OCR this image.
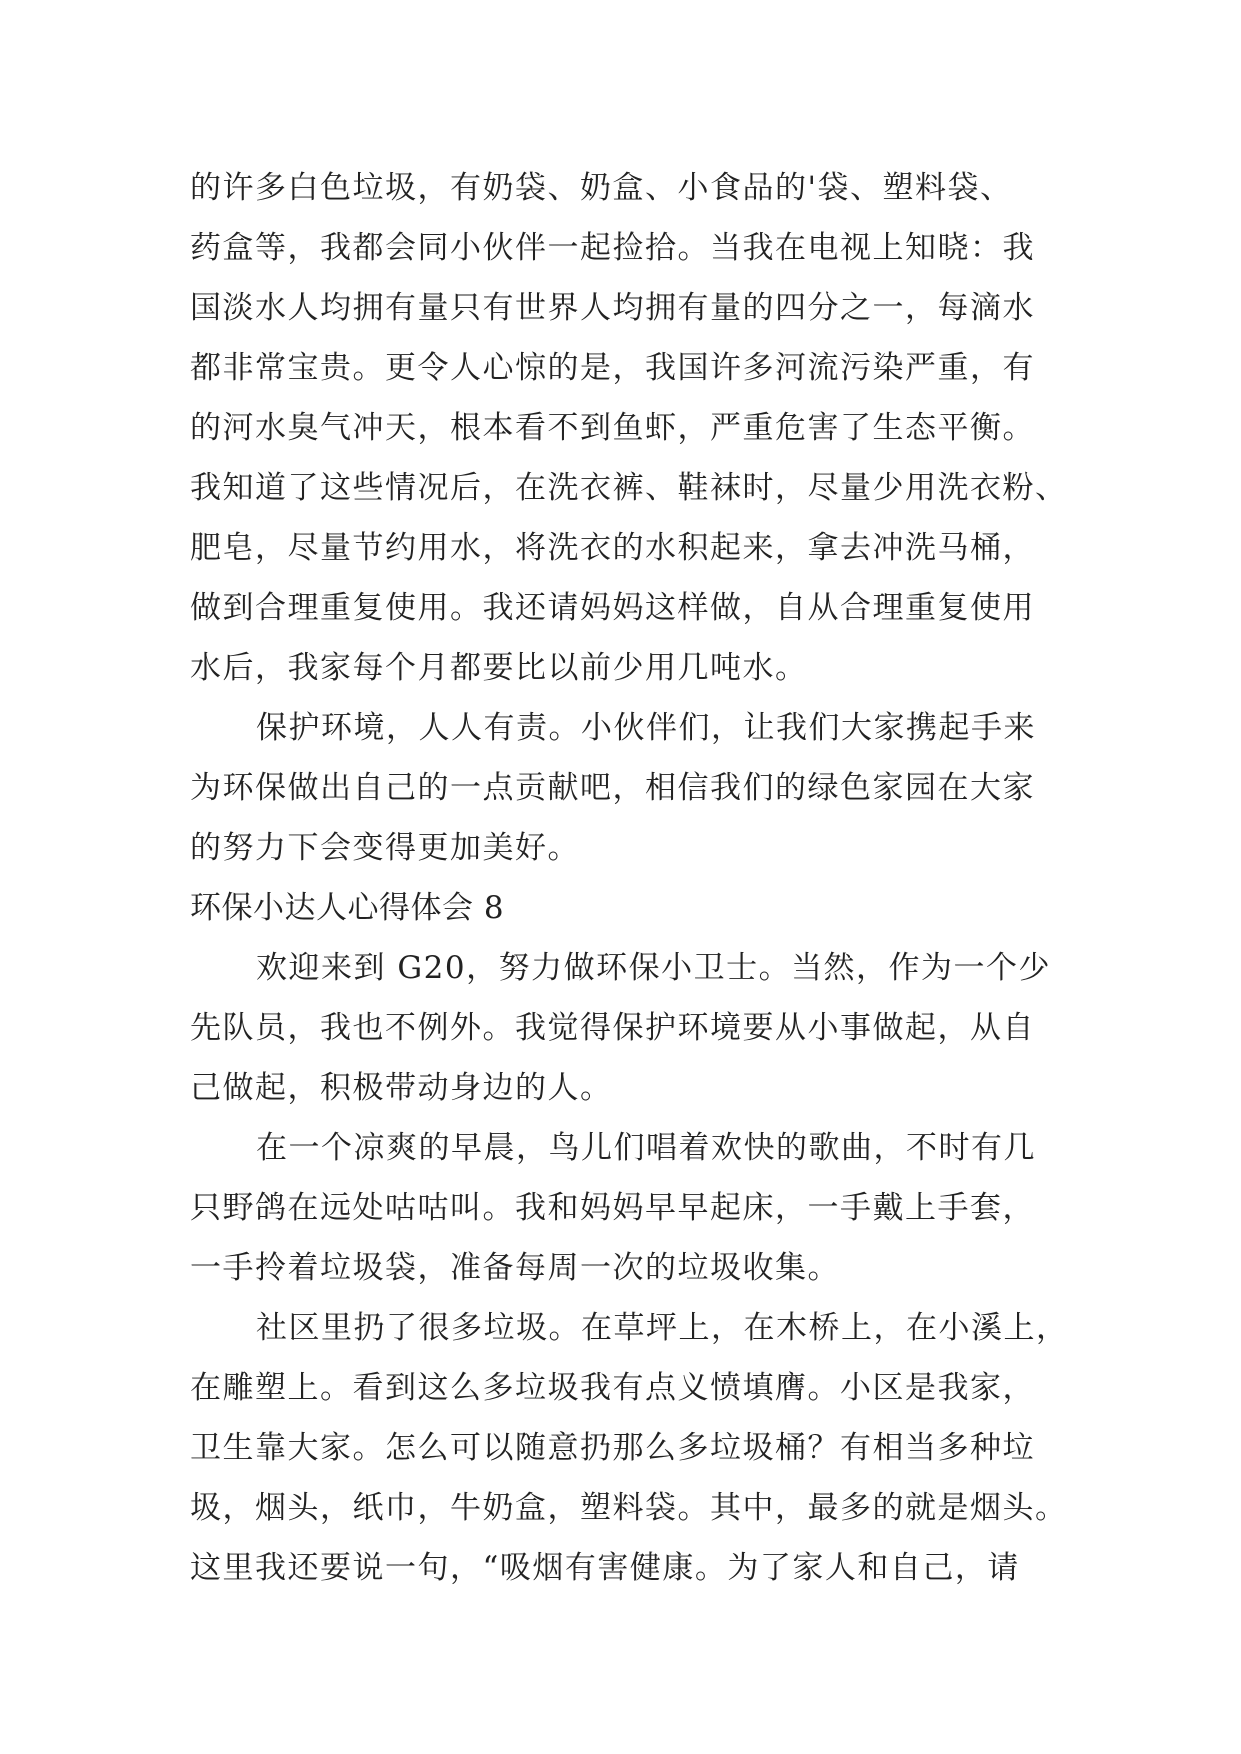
的许多白色垃圾，有奶袋、奶盒、小食品的'袋、塑料袋、
药盒等，我都会同小伙伴一起捡拾。当我在电视上知晓：我
国淡水人均拥有量只有世界人均拥有量的四分之一，每滴水
都非常宝贵。更令人心惊的是，我国许多河流污染严重，有
的河水臭气冲天，根本看不到鱼虾，严重危害了生态平衡。
我知道了这些情况后，在洗衣裤、鞋袜时，尽量少用洗衣粉、
肥皂，尽量节约用水，将洗衣的水积起来，拿去冲洗马桶，
做到合理重复使用。我还请妈妈这样做，自从合理重复使用
水后，我家每个月都要比以前少用几吨水。
保护环境，人人有责。小伙伴们，让我们大家携起手来
为环保做出自己的一点贡献吧，相信我们的绿色家园在大家
的努力下会变得更加美好。
环保小达人心得体会 8
欢迎来到 G20，努力做环保小卫士。当然，作为一个少
先队员，我也不例外。我觉得保护环境要从小事做起，从自
己做起，积极带动身边的人。
在一个凉爽的早晨，鸟儿们唱着欢快的歌曲，不时有几
只野鸽在远处咕咕叫。我和妈妈早早起床，一手戴上手套，
一手拎着垃圾袋，准备每周一次的垃圾收集。
社区里扔了很多垃圾。在草坪上，在木桥上，在小溪上，
在雕塑上。看到这么多垃圾我有点义愤填膺。小区是我家，
卫生靠大家。怎么可以随意扔那么多垃圾桶？有相当多种垃
圾，烟头，纸巾，牛奶盒，塑料袋。其中，最多的就是烟头。
这里我还要说一句，“吸烟有害健康。为了家人和自己，请
